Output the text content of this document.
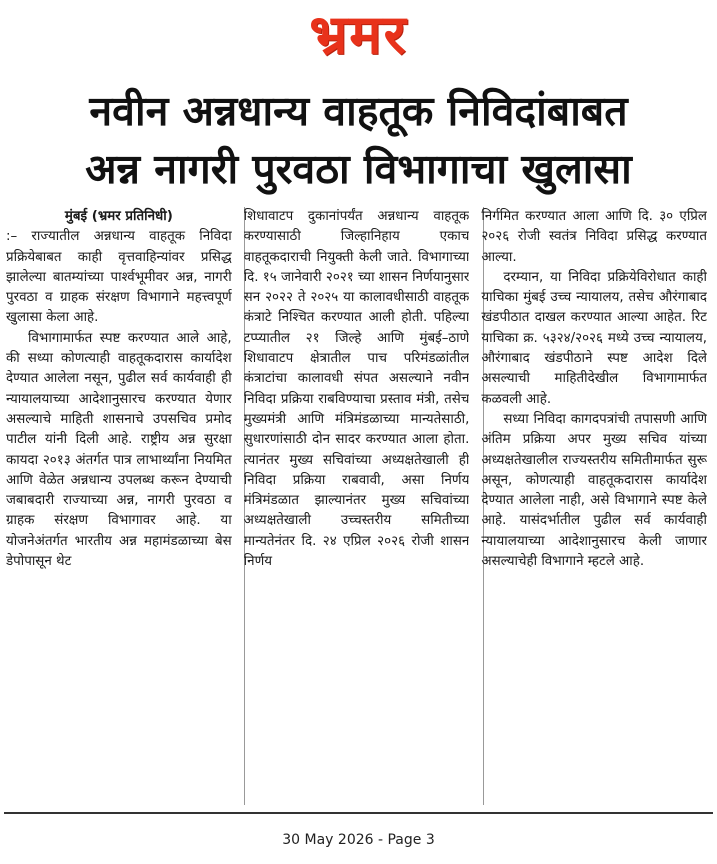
भ्रमर
नवीन अन्नधान्य वाहतूक निविदांबाबत
अन्न नागरी पुरवठा विभागाचा खुलासा

मुंबई (भ्रमर प्रतिनिधी)

:– राज्यातील अन्नधान्य वाहतूक निविदा प्रक्रियेबाबत काही वृत्तवाहिन्यांवर प्रसिद्ध झालेल्या बातम्यांच्या पार्श्वभूमीवर अन्न, नागरी पुरवठा व ग्राहक संरक्षण विभागाने महत्त्वपूर्ण खुलासा केला आहे.

विभागामार्फत स्पष्ट करण्यात आले आहे, की सध्या कोणत्याही वाहतूकदारास कार्यादेश देण्यात आलेला नसून, पुढील सर्व कार्यवाही ही न्यायालयाच्या आदेशानुसारच करण्यात येणार असल्याचे माहिती शासनाचे उपसचिव प्रमोद पाटील यांनी दिली आहे. राष्ट्रीय अन्न सुरक्षा कायदा २०१३ अंतर्गत पात्र लाभार्थ्यांना नियमित आणि वेळेत अन्नधान्य उपलब्ध करून देण्याची जबाबदारी राज्याच्या अन्न, नागरी पुरवठा व ग्राहक संरक्षण विभागावर आहे. या योजनेअंतर्गत भारतीय अन्न महामंडळाच्या बेस डेपोपासून थेट

शिधावाटप दुकानांपर्यंत अन्नधान्य वाहतूक करण्यासाठी जिल्हानिहाय एकाच वाहतूकदाराची नियुक्ती केली जाते. विभागाच्या दि. १५ जानेवारी २०२१ च्या शासन निर्णयानुसार सन २०२२ ते २०२५ या कालावधीसाठी वाहतूक कंत्राटे निश्चित करण्यात आली होती. पहिल्या टप्प्यातील २१ जिल्हे आणि मुंबई–ठाणे शिधावाटप क्षेत्रातील पाच परिमंडळांतील कंत्राटांचा कालावधी संपत असल्याने नवीन निविदा प्रक्रिया राबविण्याचा प्रस्ताव मंत्री, तसेच मुख्यमंत्री आणि मंत्रिमंडळाच्या मान्यतेसाठी, सुधारणांसाठी दोन सादर करण्यात आला होता. त्यानंतर मुख्य सचिवांच्या अध्यक्षतेखाली ही निविदा प्रक्रिया राबवावी, असा निर्णय मंत्रिमंडळात झाल्यानंतर मुख्य सचिवांच्या अध्यक्षतेखाली उच्चस्तरीय समितीच्या मान्यतेनंतर दि. २४ एप्रिल २०२६ रोजी शासन निर्णय

निर्गमित करण्यात आला आणि दि. ३० एप्रिल २०२६ रोजी स्वतंत्र निविदा प्रसिद्ध करण्यात आल्या.

दरम्यान, या निविदा प्रक्रियेविरोधात काही याचिका मुंबई उच्च न्यायालय, तसेच औरंगाबाद खंडपीठात दाखल करण्यात आल्या आहेत. रिट याचिका क्र. ५३२४/२०२६ मध्ये उच्च न्यायालय, औरंगाबाद खंडपीठाने स्पष्ट आदेश दिले असल्याची माहितीदेखील विभागामार्फत कळवली आहे.

सध्या निविदा कागदपत्रांची तपासणी आणि अंतिम प्रक्रिया अपर मुख्य सचिव यांच्या अध्यक्षतेखालील राज्यस्तरीय समितीमार्फत सुरू असून, कोणत्याही वाहतूकदारास कार्यादेश देण्यात आलेला नाही, असे विभागाने स्पष्ट केले आहे. यासंदर्भातील पुढील सर्व कार्यवाही न्यायालयाच्या आदेशानुसारच केली जाणार असल्याचेही विभागाने म्हटले आहे.

30 May 2026 - Page 3
